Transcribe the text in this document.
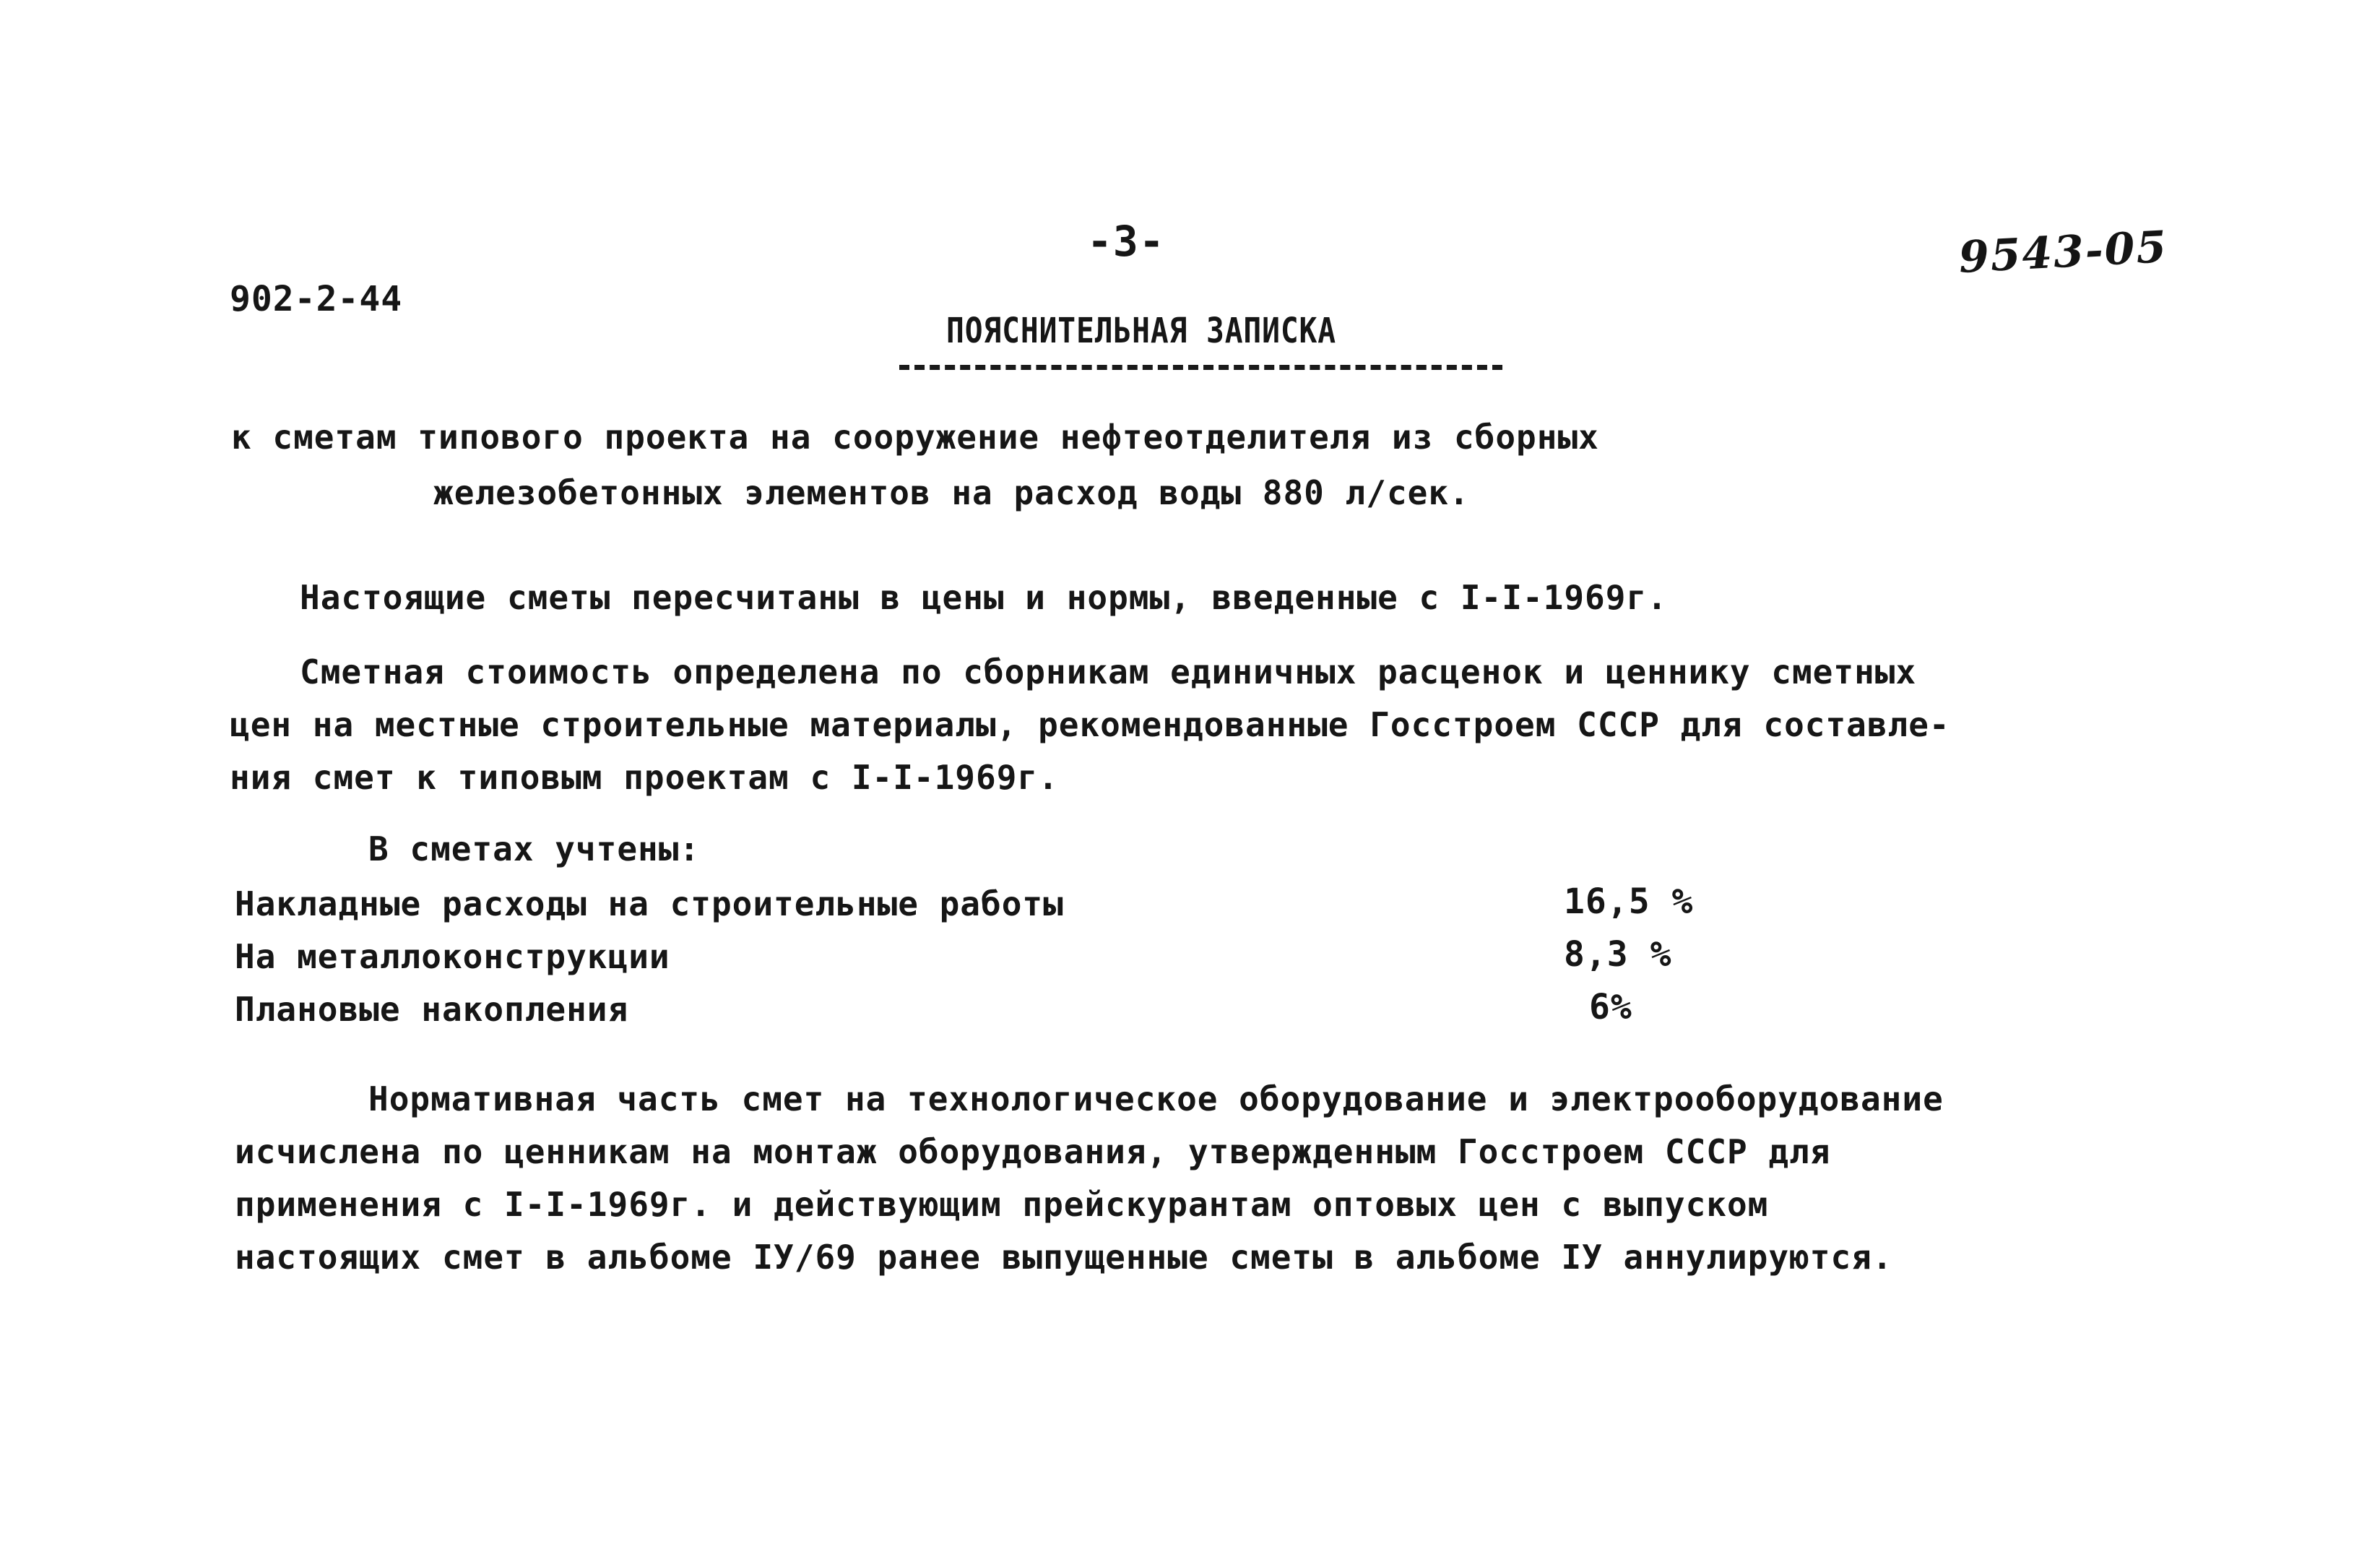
-3-
902-2-44
9543-05
ПОЯСНИТЕЛЬНАЯ ЗАПИСКА
к сметам типового проекта на сооружение нефтеотделителя из сборных
железобетонных элементов на расход воды 880 л/сек.
Настоящие сметы пересчитаны в цены и нормы, введенные с I-I-1969г.
Сметная стоимость определена по сборникам единичных расценок и ценнику сметных
цен на местные строительные материалы, рекомендованные Госстроем СССР для составле-
ния смет к типовым проектам с I-I-1969г.
В сметах учтены:
Накладные расходы на строительные работы	16,5 %
На металлоконструкции	8,3 %
Плановые накопления	6%
Нормативная часть смет на технологическое оборудование и электрооборудование
исчислена по ценникам на монтаж оборудования, утвержденным Госстроем СССР для
применения с I-I-1969г. и действующим прейскурантам оптовых цен с выпуском
настоящих смет в альбоме IУ/69 ранее выпущенные сметы в альбоме IУ аннулируются.
